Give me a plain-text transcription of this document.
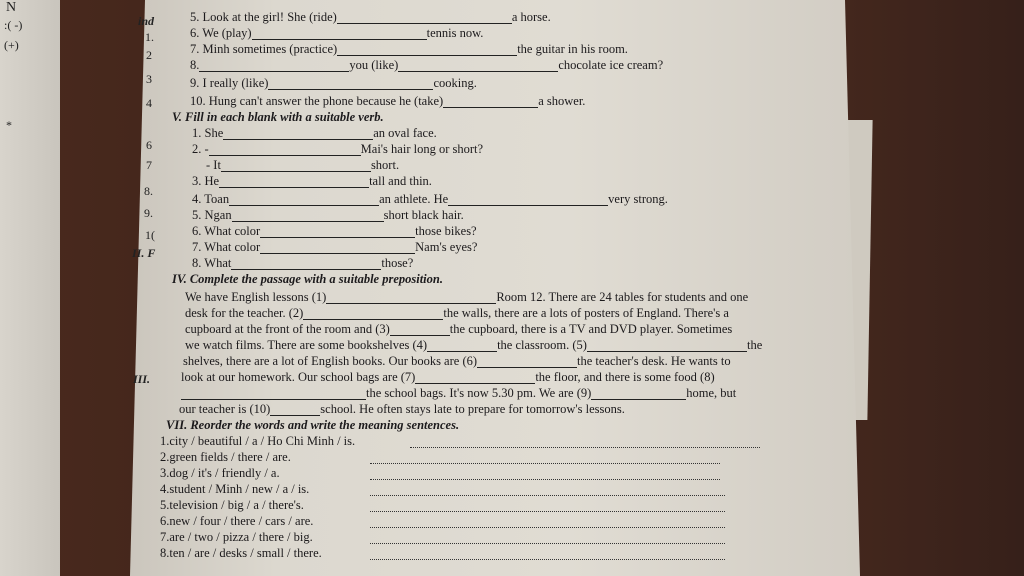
N
:( -)
(+)
*
ind
1.
2
3
4
6
7
8.
9.
1(
II. F
III.
5. Look at the girl! She (ride)	a horse.
6. We (play)	tennis now.
7. Minh sometimes (practice)	the guitar in his room.
8.	you (like)	chocolate ice cream?
9. I really (like)	cooking.
10. Hung can't answer the phone because he (take)	a shower.
V. Fill in each blank with a suitable verb.
1. She	an oval face.
2. -	Mai's hair long or short?
- It	short.
3. He	tall and thin.
4. Toan	an athlete. He	very strong.
5. Ngan	short black hair.
6. What color	those bikes?
7. What color	Nam's eyes?
8. What	those?
IV. Complete the passage with a suitable preposition.
We have English lessons (1)	Room 12. There are 24 tables for students and one
desk for the teacher. (2)	the walls, there are a lots of posters of England. There's a
cupboard at the front of the room and (3)	the cupboard, there is a TV and DVD player. Sometimes
we watch films. There are some bookshelves (4)	the classroom. (5)	the
shelves, there are a lot of English books. Our books are (6)	the teacher's desk. He wants to
look at our homework. Our school bags are (7)	the floor, and there is some food (8)
the school bags. It's now 5.30 pm. We are (9)	home, but
our teacher is (10)	school. He often stays late to prepare for tomorrow's lessons.
VII. Reorder the words and write the meaning sentences.
1.city / beautiful / a / Ho Chi Minh / is.
2.green fields / there / are.
3.dog / it's / friendly / a.
4.student / Minh / new / a / is.
5.television / big / a / there's.
6.new / four / there / cars / are.
7.are / two / pizza / there / big.
8.ten / are / desks / small / there.
